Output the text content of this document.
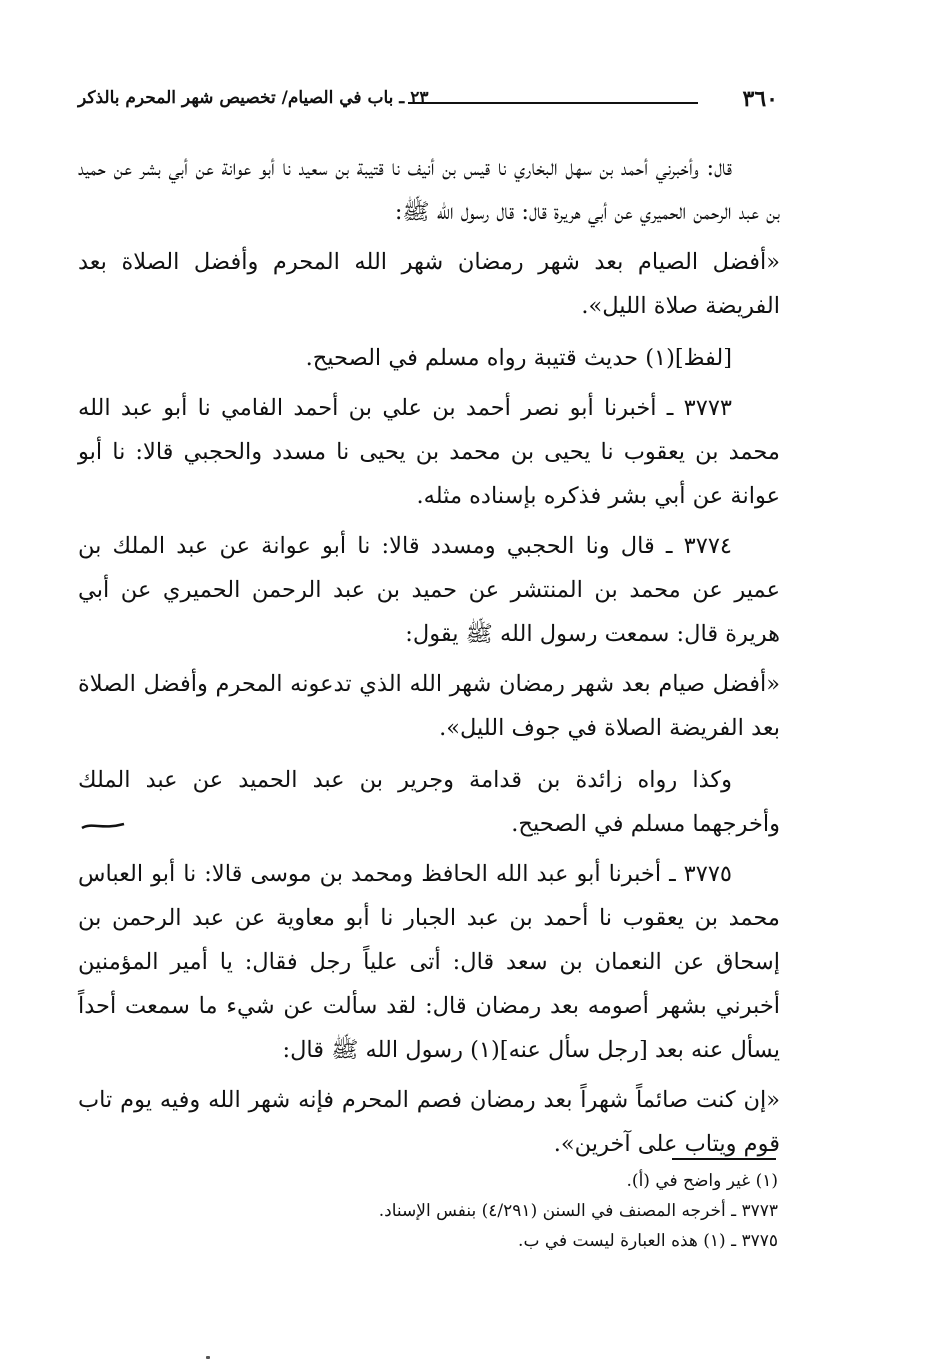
٣٦٠
٢٣ ـ باب في الصيام/ تخصيص شهر المحرم بالذكر

قال: وأخبرني أحمد بن سهل البخاري نا قيس بن أنيف نا قتيبة بن سعيد نا أبو عوانة عن أبي بشر عن حميد بن عبد الرحمن الحميري عن أبي هريرة قال: قال رسول الله ﷺ:

«أفضل الصيام بعد شهر رمضان شهر الله المحرم وأفضل الصلاة بعد الفريضة صلاة الليل».

[لفظ](١) حديث قتيبة رواه مسلم في الصحيح.

٣٧٧٣ ـ أخبرنا أبو نصر أحمد بن علي بن أحمد الفامي نا أبو عبد الله محمد بن يعقوب نا يحيى بن محمد بن يحيى نا مسدد والحجبي قالا: نا أبو عوانة عن أبي بشر فذكره بإسناده مثله.

٣٧٧٤ ـ قال ونا الحجبي ومسدد قالا: نا أبو عوانة عن عبد الملك بن عمير عن محمد بن المنتشر عن حميد بن عبد الرحمن الحميري عن أبي هريرة قال: سمعت رسول الله ﷺ يقول:

«أفضل صيام بعد شهر رمضان شهر الله الذي تدعونه المحرم وأفضل الصلاة بعد الفريضة الصلاة في جوف الليل».

وكذا رواه زائدة بن قدامة وجرير بن عبد الحميد عن عبد الملك وأخرجهما مسلم في الصحيح.

٣٧٧٥ ـ أخبرنا أبو عبد الله الحافظ ومحمد بن موسى قالا: نا أبو العباس محمد بن يعقوب نا أحمد بن عبد الجبار نا أبو معاوية عن عبد الرحمن بن إسحاق عن النعمان بن سعد قال: أتى علياً رجل فقال: يا أمير المؤمنين أخبرني بشهر أصومه بعد رمضان قال: لقد سألت عن شيء ما سمعت أحداً يسأل عنه بعد [رجل سأل عنه](١) رسول الله ﷺ قال:

«إن كنت صائماً شهراً بعد رمضان فصم المحرم فإنه شهر الله وفيه يوم تاب قوم ويتاب على آخرين».

(١) غير واضح في (أ).

٣٧٧٣ ـ أخرجه المصنف في السنن (٤/٢٩١) بنفس الإسناد.

٣٧٧٥ ـ (١) هذه العبارة ليست في ب.
